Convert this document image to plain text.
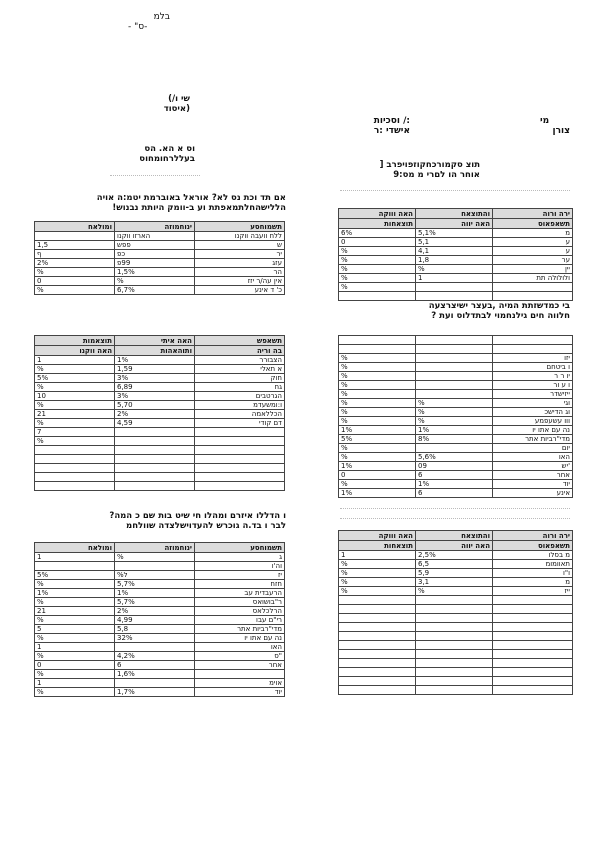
בלמ
- "ס-
שי ו/)
(איסוד
וס א הא. הס
בעללרחומחוס
מי
:/ וסכיות
צורן
אישדי :ר
תוצ סקמורכחקוזפויפרב [
אוחר הו לםרי מ מס:9
אם תד וכת נס לא? אוראל באוברמת יטמ:ה אויה
הללישהחלתמאפתת וע ב-וומק היותת נבנוש!
תשמוחסע	ינוחמוזה	ומולאח
ללח וועבה ווקנו	הארזו ווקנו	
ש	פפש	1,5
יר	כפ	ף
עזג	99פ	2%
הר	1,5%	%
אין עה/ר יזז	%	0
כ' ד אינע	6,7%	%
תשאפש	האה איתי	תוצאמות
בה וריה	ותוהאהות	האה ווקנו
הצבורר	1%	1
א תאלי	1,59	%
חוק	3%	5%
גח	6,89	%
הגרטבים	3%	10
ו:ומשעדמ	5,70	%
הכללאמה	2%	21
דם קודי	4,59	%
		7
		%

ו הדללו איזרם ומהלו חי שיט בות שם כ המה?
לבר ו בד.ה גוכרש להעדוישלצדה שוולחמ
תשמוחסע	ינוחמוזה	ומולאח
ג	%	1
וה'ו		
יז	ל%	5%
חזח	5,7%	%
הרעבדית עב	1%	1%
ר"בושואס	5,7%	%
הרלכלאס	2%	21
רי"ם עבו	4,99	%
מדי"רביות אתר	5,8	5
נה עם אתו יו	32%	%
האו		1
"ס	4,2%	%
אחר	6	0
	1,6%	%
אוימ		1
יוד	1,7%	%
ירה ורוה	והתוצאח	האה וווקה
תשאפאוס	האה יווה	תוצאחות
מ	5,1%	6%
ע	5,1	0
ע	4,1	%
ער	1,8	%
יין	%	%
ולולולה תת	1	%
		%

בי כמדשזתת המיה ,בעצר ישיצרצעה
חלווה חים גילנחמוי לבתדלוס ועת ?

יזו		%
ו ביטחם		%
יו ר ר		%
ו ע ור		%
ייזישדר		%
וגי	%	%
וג הדישכ	%	%
ווו עשעפמע	%	%
נה עם אתו יו	1%	1%
מדי"רביות אתר	8%	5%
יום		%
האו	5,6%	%
'יש	09	1%
אחר	6	0
יוד	1%	%
אינע	6	1%
ירה ורוה	והתוצאח	האה וווקה
תשאפאוס	האה יווה	תוצאחות
מ בסלו	2,5%	1
תאוומומ	6,5	%
ו"ו	5,9	%
מ	3,1	%
ייז	%	%
